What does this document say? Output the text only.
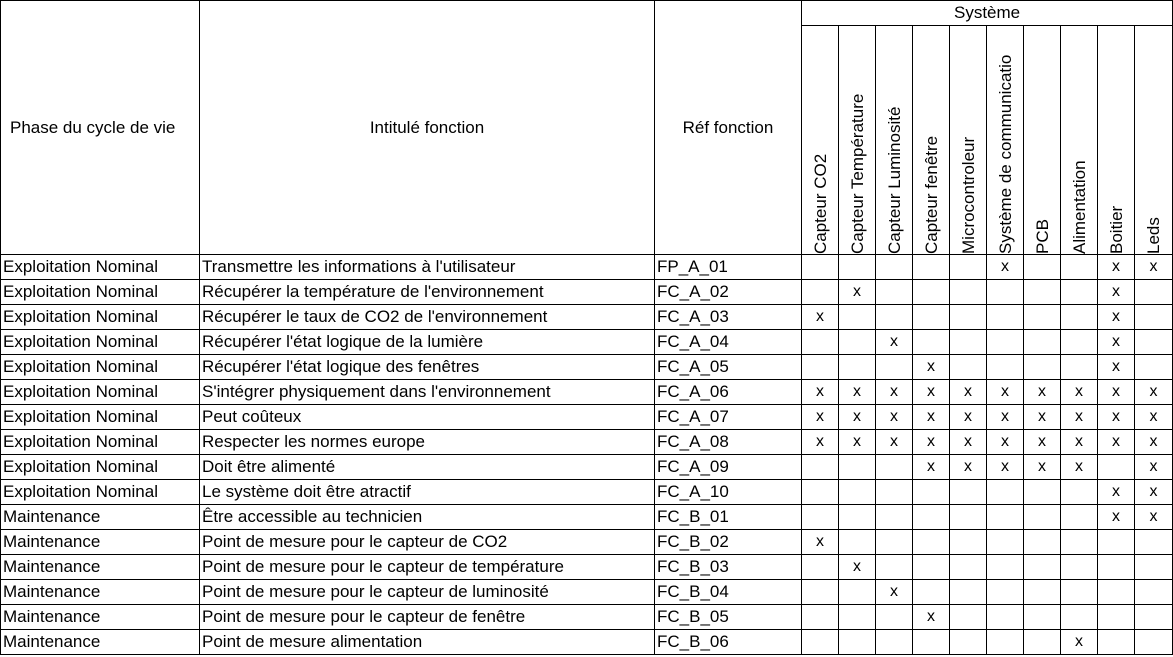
Phase du cycle de vie	Intitulé fonction	Réf fonction	Système									

			Capteur CO2	Capteur Température	Capteur Luminosité	Capteur fenêtre	Microcontroleur	Système de communicatio	PCB	Alimentation	Boitier	Leds

Exploitation Nominal	Transmettre les informations à l'utilisateur	FP_A_01						x			x	x
Exploitation Nominal	Récupérer la température de l'environnement	FC_A_02		x							x	
Exploitation Nominal	Récupérer le taux de CO2 de l'environnement	FC_A_03	x								x	
Exploitation Nominal	Récupérer l'état logique de la lumière	FC_A_04			x						x	
Exploitation Nominal	Récupérer l'état logique des fenêtres	FC_A_05				x					x	
Exploitation Nominal	S'intégrer physiquement dans l'environnement	FC_A_06	x	x	x	x	x	x	x	x	x	x
Exploitation Nominal	Peut coûteux	FC_A_07	x	x	x	x	x	x	x	x	x	x
Exploitation Nominal	Respecter les normes europe	FC_A_08	x	x	x	x	x	x	x	x	x	x
Exploitation Nominal	Doit être alimenté	FC_A_09				x	x	x	x	x		x
Exploitation Nominal	Le système doit être atractif	FC_A_10									x	x
Maintenance	Être accessible au technicien	FC_B_01									x	x
Maintenance	Point de mesure pour le capteur de CO2	FC_B_02	x									
Maintenance	Point de mesure pour le capteur de température	FC_B_03		x								
Maintenance	Point de mesure pour le capteur de luminosité	FC_B_04			x							
Maintenance	Point de mesure pour le capteur de fenêtre	FC_B_05				x						
Maintenance	Point de mesure alimentation	FC_B_06								x		
